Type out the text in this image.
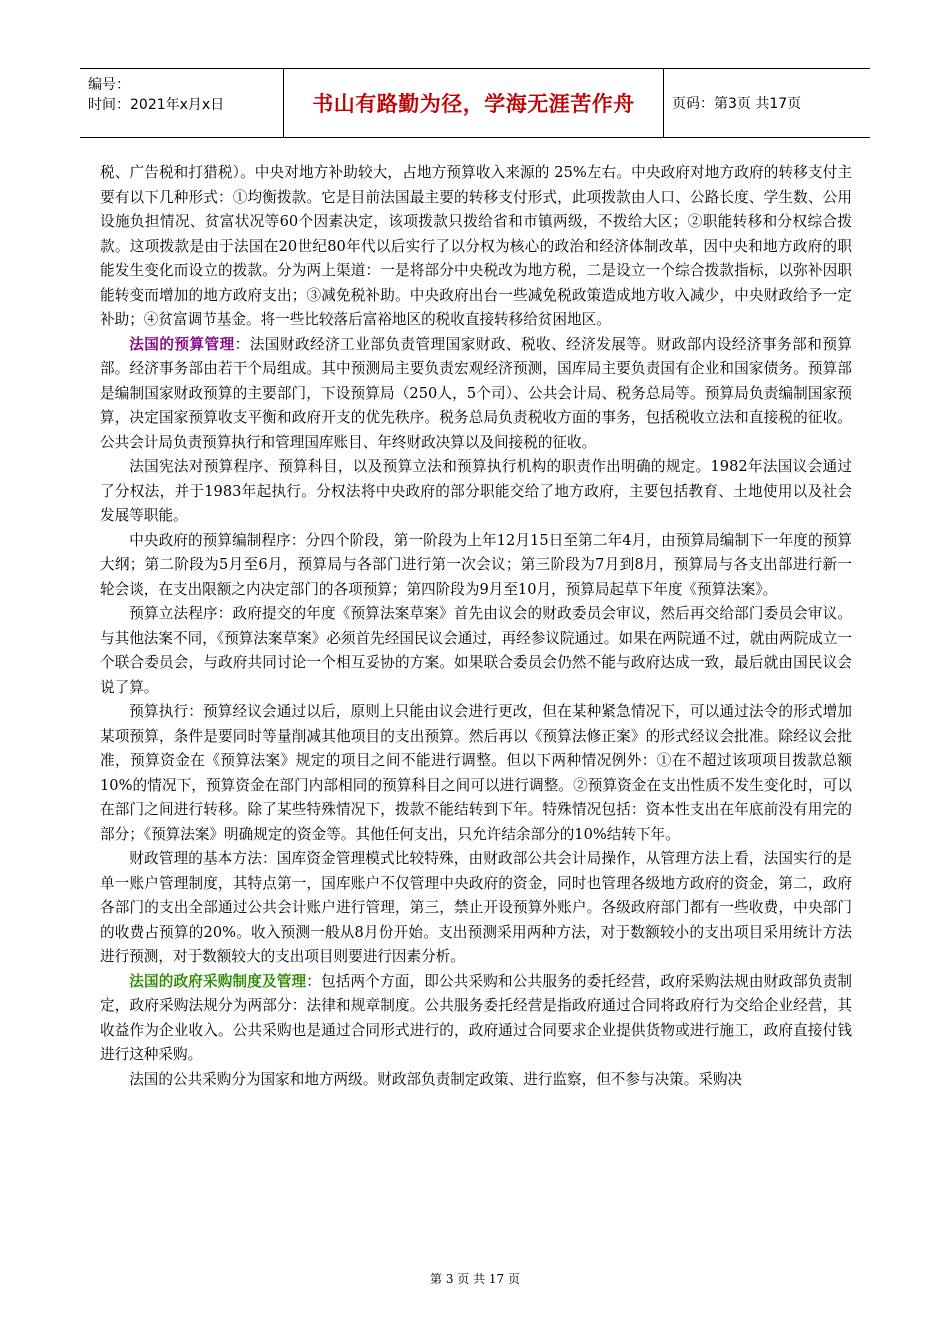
编号：
时间：2021年x月x日	书山有路勤为径，学海无涯苦作舟	页码：第3页 共17页

税、广告税和打猎税）。中央对地方补助较大，占地方预算收入来源的 25%左右。中央政府对地方政府的转移支付主要有以下几种形式：①均衡拨款。它是目前法国最主要的转移支付形式，此项拨款由人口、公路长度、学生数、公用设施负担情况、贫富状况等60个因素决定，该项拨款只拨给省和市镇两级，不拨给大区；②职能转移和分权综合拨款。这项拨款是由于法国在20世纪80年代以后实行了以分权为核心的政治和经济体制改革，因中央和地方政府的职能发生变化而设立的拨款。分为两上渠道：一是将部分中央税改为地方税，二是设立一个综合拨款指标，以弥补因职能转变而增加的地方政府支出；③减免税补助。中央政府出台一些减免税政策造成地方收入减少，中央财政给予一定补助；④贫富调节基金。将一些比较落后富裕地区的税收直接转移给贫困地区。

法国的预算管理：法国财政经济工业部负责管理国家财政、税收、经济发展等。财政部内设经济事务部和预算部。经济事务部由若干个局组成。其中预测局主要负责宏观经济预测，国库局主要负责国有企业和国家债务。预算部是编制国家财政预算的主要部门，下设预算局（250人，5个司）、公共会计局、税务总局等。预算局负责编制国家预算，决定国家预算收支平衡和政府开支的优先秩序。税务总局负责税收方面的事务，包括税收立法和直接税的征收。公共会计局负责预算执行和管理国库账目、年终财政决算以及间接税的征收。

法国宪法对预算程序、预算科目，以及预算立法和预算执行机构的职责作出明确的规定。1982年法国议会通过了分权法，并于1983年起执行。分权法将中央政府的部分职能交给了地方政府，主要包括教育、土地使用以及社会发展等职能。

中央政府的预算编制程序：分四个阶段，第一阶段为上年12月15日至第二年4月，由预算局编制下一年度的预算大纲；第二阶段为5月至6月，预算局与各部门进行第一次会议；第三阶段为7月到8月，预算局与各支出部进行新一轮会谈，在支出限额之内决定部门的各项预算；第四阶段为9月至10月，预算局起草下年度《预算法案》。

预算立法程序：政府提交的年度《预算法案草案》首先由议会的财政委员会审议，然后再交给部门委员会审议。与其他法案不同，《预算法案草案》必须首先经国民议会通过，再经参议院通过。如果在两院通不过，就由两院成立一个联合委员会，与政府共同讨论一个相互妥协的方案。如果联合委员会仍然不能与政府达成一致，最后就由国民议会说了算。

预算执行：预算经议会通过以后，原则上只能由议会进行更改，但在某种紧急情况下，可以通过法令的形式增加某项预算，条件是要同时等量削减其他项目的支出预算。然后再以《预算法修正案》的形式经议会批准。除经议会批准，预算资金在《预算法案》规定的项目之间不能进行调整。但以下两种情况例外：①在不超过该项项目拨款总额10%的情况下，预算资金在部门内部相同的预算科目之间可以进行调整。②预算资金在支出性质不发生变化时，可以在部门之间进行转移。除了某些特殊情况下，拨款不能结转到下年。特殊情况包括：资本性支出在年底前没有用完的部分；《预算法案》明确规定的资金等。其他任何支出，只允许结余部分的10%结转下年。

财政管理的基本方法：国库资金管理模式比较特殊，由财政部公共会计局操作，从管理方法上看，法国实行的是单一账户管理制度，其特点第一，国库账户不仅管理中央政府的资金，同时也管理各级地方政府的资金，第二，政府各部门的支出全部通过公共会计账户进行管理，第三，禁止开设预算外账户。各级政府部门都有一些收费，中央部门的收费占预算的20%。收入预测一般从8月份开始。支出预测采用两种方法，对于数额较小的支出项目采用统计方法进行预测，对于数额较大的支出项目则要进行因素分析。

法国的政府采购制度及管理：包括两个方面，即公共采购和公共服务的委托经营，政府采购法规由财政部负责制定，政府采购法规分为两部分：法律和规章制度。公共服务委托经营是指政府通过合同将政府行为交给企业经营，其收益作为企业收入。公共采购也是通过合同形式进行的，政府通过合同要求企业提供货物或进行施工，政府直接付钱进行这种采购。

法国的公共采购分为国家和地方两级。财政部负责制定政策、进行监察，但不参与决策。采购决

第 3 页 共 17 页
